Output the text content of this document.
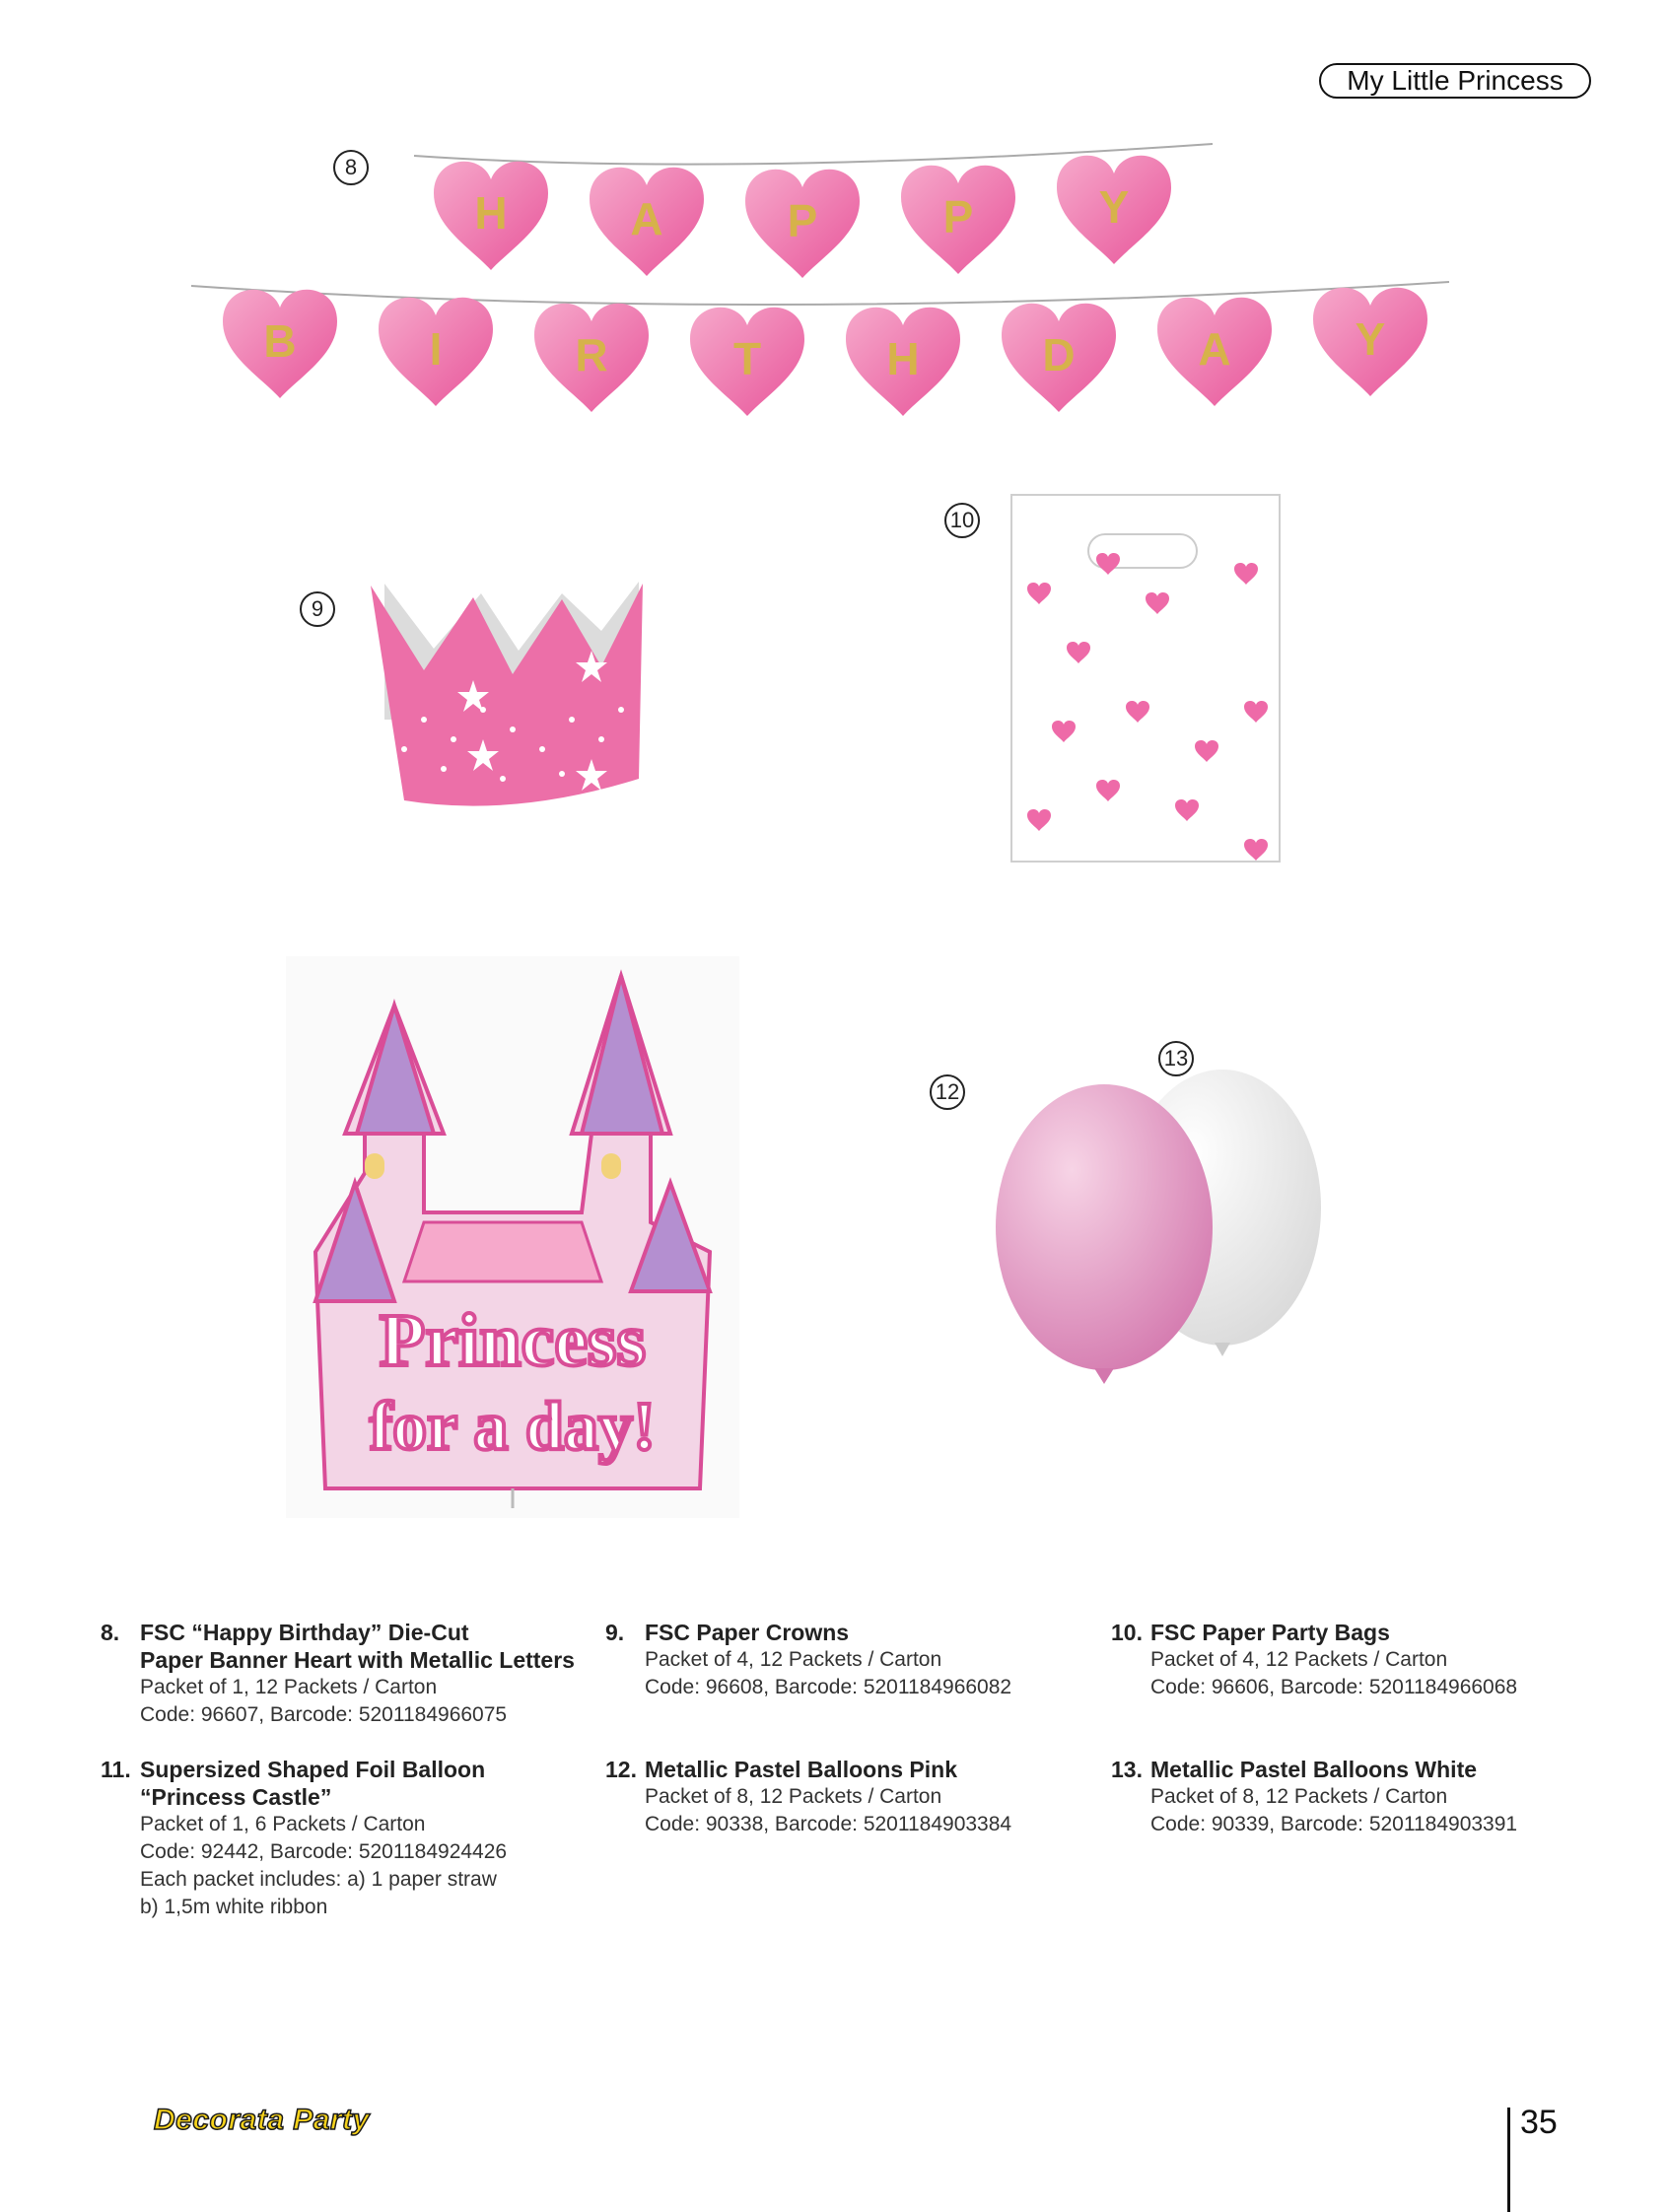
My Little Princess
8
9
10
13
12
H	A	P	P	Y
B	I	R	T	H	D	A	Y
Princess
for a day!
8. FSC “Happy Birthday” Die-Cut
Paper Banner Heart with Metallic Letters
Packet of 1, 12 Packets / Carton
Code: 96607, Barcode: 5201184966075
9. FSC Paper Crowns
Packet of 4, 12 Packets / Carton
Code: 96608, Barcode: 5201184966082
10. FSC Paper Party Bags
Packet of 4, 12 Packets / Carton
Code: 96606, Barcode: 5201184966068
11. Supersized Shaped Foil Balloon
“Princess Castle”
Packet of 1, 6 Packets / Carton
Code: 92442, Barcode: 5201184924426
Each packet includes: a) 1 paper straw
b) 1,5m white ribbon
12. Metallic Pastel Balloons Pink
Packet of 8, 12 Packets / Carton
Code: 90338, Barcode: 5201184903384
13. Metallic Pastel Balloons White
Packet of 8, 12 Packets / Carton
Code: 90339, Barcode: 5201184903391
Decorata Party	35
